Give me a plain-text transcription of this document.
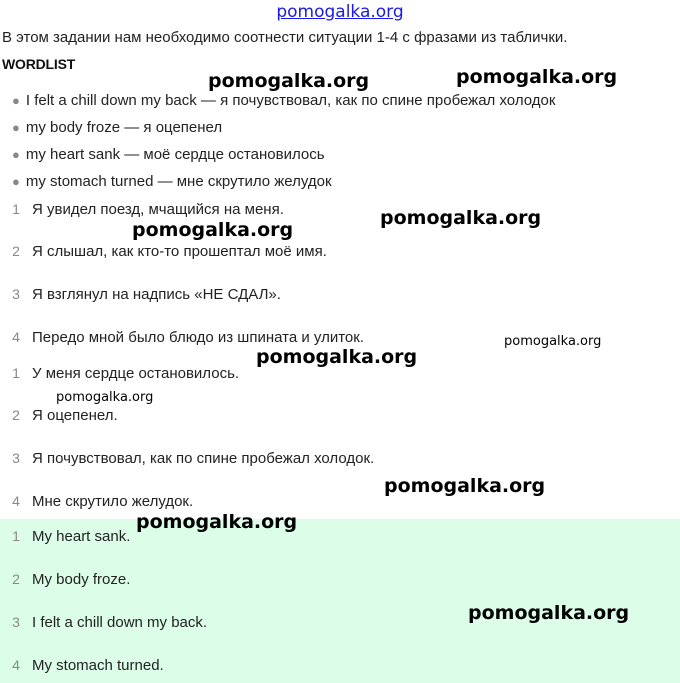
pomogalka.org
В этом задании нам необходимо соотнести ситуации 1-4 с фразами из таблички.
WORDLIST
● I felt a chill down my back — я почувствовал, как по спине пробежал холодок
● my body froze — я оцепенел
● my heart sank — моё сердце остановилось
● my stomach turned — мне скрутило желудок
1 Я увидел поезд, мчащийся на меня.
2 Я слышал, как кто-то прошептал моё имя.
3 Я взглянул на надпись «НЕ СДАЛ».
4 Передо мной было блюдо из шпината и улиток.
1 У меня сердце остановилось.
2 Я оцепенел.
3 Я почувствовал, как по спине пробежал холодок.
4 Мне скрутило желудок.
1 My heart sank.
2 My body froze.
3 I felt a chill down my back.
4 My stomach turned.
pomogalka.org	pomogalka.org
pomogalka.org
pomogalka.org
pomogalka.org
pomogalka.org
pomogalka.org
pomogalka.org
pomogalka.org
pomogalka.org
